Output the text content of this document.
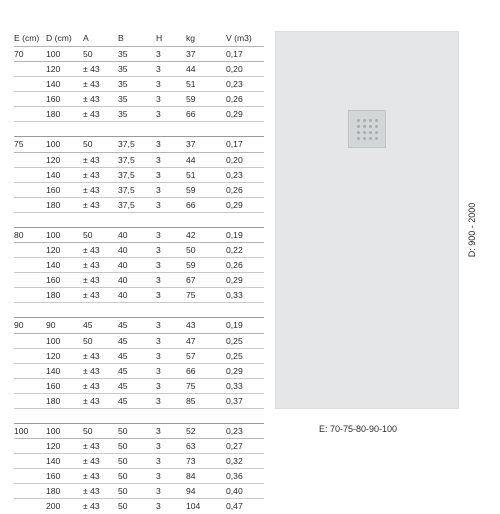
E (cm)	D (cm)	A	B	H	kg	V (m3)
70	100	50	35	3	37	0,17
	120	± 43	35	3	44	0,20
	140	± 43	35	3	51	0,23
	160	± 43	35	3	59	0,26
	180	± 43	35	3	66	0,29

75	100	50	37,5	3	37	0,17
	120	± 43	37,5	3	44	0,20
	140	± 43	37,5	3	51	0,23
	160	± 43	37,5	3	59	0,26
	180	± 43	37,5	3	66	0,29

80	100	50	40	3	42	0,19
	120	± 43	40	3	50	0,22
	140	± 43	40	3	59	0,26
	160	± 43	40	3	67	0,29
	180	± 43	40	3	75	0,33

90	90	45	45	3	43	0,19
	100	50	45	3	47	0,25
	120	± 43	45	3	57	0,25
	140	± 43	45	3	66	0,29
	160	± 43	45	3	75	0,33
	180	± 43	45	3	85	0,37

100	100	50	50	3	52	0,23
	120	± 43	50	3	63	0,27
	140	± 43	50	3	73	0,32
	160	± 43	50	3	84	0,36
	180	± 43	50	3	94	0,40
	200	± 43	50	3	104	0,47
D: 900 - 2000
E: 70-75-80-90-100
